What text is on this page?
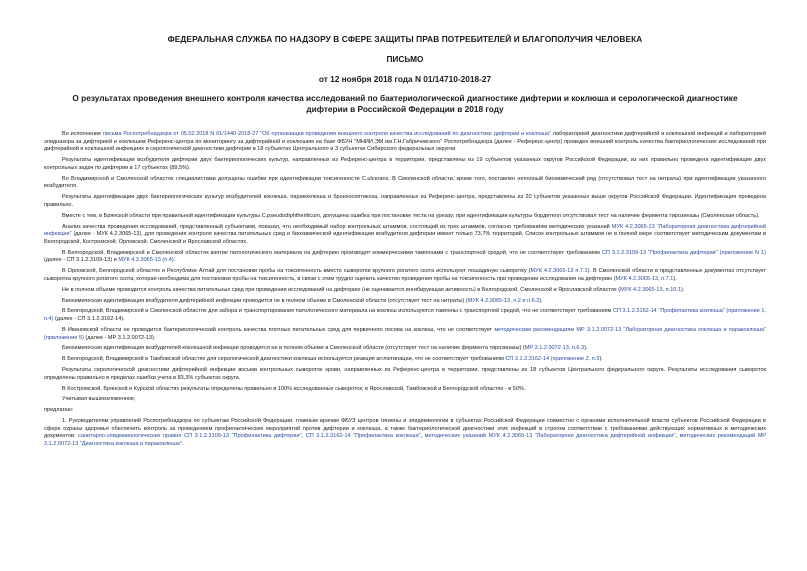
ФЕДЕРАЛЬНАЯ СЛУЖБА ПО НАДЗОРУ В СФЕРЕ ЗАЩИТЫ ПРАВ ПОТРЕБИТЕЛЕЙ И БЛАГОПОЛУЧИЯ ЧЕЛОВЕКА
ПИСЬМО
от 12 ноября 2018 года N 01/14710-2018-27
О результатах проведения внешнего контроля качества исследований по бактериологической диагностике дифтерии и коклюша и серологической диагностике дифтерии в Российской Федерации в 2018 году

Во исполнение письма Роспотребнадзора от 05.02.2018 N 01/1440-2018-27 "Об организации проведения внешнего контроля качества исследований по диагностике дифтерии и коклюша" лабораторией диагностики дифтерийной и коклюшной инфекций и лабораторией эпидназора за дифтерией и коклюшем Референс-центра по мониторингу за дифтерийной и коклюшем на базе ФБУН "МНИИ ЭМ им.Г.Н.Габричевского" Роспотребнадзора (далее - Референс-центр) проведен внешний контроль качества бактериологических исследований при дифтерийной и коклюшной инфекциях и серологической диагностики дифтерии в 18 субъектах Центрального и 3 субъектах Сибирского федеральных округов.

Результаты идентификации возбудителя дифтерии двух бактериологических культур, направленных из Референс-центра в территории, представлены из 19 субъектов указанных округов Российской Федерации, из них правильно проведена идентификация двух контрольных задач по дифтерии в 17 субъектах (89,5%).

Во Владимирской и Смоленской областях специалистами допущены ошибки при идентификации токсигенности C.ulcerans. В Смоленской области, кроме того, поставлен неполный биохимический ряд (отсутствовал тест на нитраты) при идентификации указанного возбудителя.

Результаты идентификации двух бактериологических культур возбудителей коклюша, паракоклюша и бронхосептикоза, направленных из Референс-центра, представлены из 20 субъектов указанных выше округов Российской Федерации. Идентификация проведена правильно.

Вместе с тем, в Брянской области при правильной идентификации культуры C.pseudodiphtheriticum, допущена ошибка при постановке теста на уреазу; при идентификации культуры бордетелл отсутствовал тест на наличие фермента тирозиназы (Смоленская область).

Анализ качества проведения исследований, представленный субъектами, показал, что необходимый набор контрольных штаммов, состоящий из трех штаммов, согласно требованиям методических указаний МУК 4.2.3065-13 "Лабораторная диагностика дифтерийной инфекции" (далее - МУК 4.2.3065-13), для проведения контроля качества питательных сред и биохимической идентификации возбудителя дифтерии имеют только 73,7% территорий. Список контрольных штаммов не в полной мере соответствует методическим документам в Белгородской, Костромской, Орловской, Смоленской и Ярославской областях.

В Белгородской, Владимирской и Смоленской областях взятие патологического материала на дифтерию производят коммерческими тампонами с транспортной средой, что не соответствует требованиям СП 3.1.2.3109-13 "Профилактика дифтерии" (приложение N 1) (далее - СП 3.1.2.3109-13) и МУК 4.2.3065-13 (п.4).

В Орловской, Белгородской областях и Республике Алтай для постановки пробы на токсигенность вместо сыворотки крупного рогатого скота используют лошадиную сыворотку (МУК 4.2.3065-13 п.7.1). В Смоленской области в представленных документах отсутствует сыворотка крупного рогатого скота, которая необходима для постановки пробы на токсигенность, в связи с этим трудно оценить качество проведения пробы на токсигенность при проведении исследования на дифтерию (МУК 4.2.3065-13, п.7.1).

Не в полном объеме проводится контроль качества питательных сред при проведении исследований на дифтерию (не оценивается ингибирующая активность) в Белгородской, Смоленской и Ярославской областях (МУК 4.2.3065-13, п.10.1).

Биохимическая идентификация возбудителя дифтерийной инфекции проводится не в полном объеме в Смоленской области (отсутствует тест на нитраты) (МУК 4.2.3065-13, п.2 и п.6.2).

В Белгородской, Владимирской и Смоленской областях для забора и транспортирования патологического материала на коклюш используются тампоны с транспортной средой, что не соответствует требованиям СП 3.1.2.3162-14 "Профилактика коклюша" (приложение 1, п.4) (далее - СП 3.1.2.3162-14).

В Ивановской области не проводится бактериологический контроль качества плотных питательных сред для первичного посева на коклюш, что не соответствует методическим рекомендациям МР 3.1.2.0072-13 "Лабораторная диагностика коклюша и паракоклюша" (приложение 5) (далее - МР 3.1.2.0072-13).

Биохимическая идентификация возбудителей коклюшной инфекции проводится не в полном объеме в Смоленской области (отсутствует тест на наличие фермента тирозиназы) (МР 3.1.2.0072-13, п.6.3).

В Белгородской, Владимирской и Тамбовской областях для серологической диагностики коклюша используется реакция агглютинации, что не соответствует требованиям СП 3.1.2.3162-14 (приложение 2, п.5).

Результаты серологической диагностики дифтерийной инфекции восьми контрольных сывороток крови, направленных из Референс-центра в территории, представлены из 18 субъектов Центрального федерального округа. Результаты исследования сывороток определены правильно в пределах ошибки учета в 83,3% субъектах округа.

В Костромской, Брянской и Курской областях результаты определены правильно в 100% исследованных сывороток; в Ярославской, Тамбовской и Белгородской областях - в 50%.

Учитывая вышеизложенное,

предлагаю:

1. Руководителям управлений Роспотребнадзора по субъектам Российской Федерации, главным врачам ФБУЗ центров гигиены и эпидемиологии в субъектах Российской Федерации совместно с органами исполнительной власти субъектов Российской Федерации в сфере охраны здоровья обеспечить контроль за проведением профилактических мероприятий против дифтерии и коклюша, а также бактериологической диагностики этих инфекций в строгом соответствии с требованиями действующих нормативных и методических документов: санитарно-эпидемиологических правил СП 3.1.2.3109-13 "Профилактика дифтерии", СП 3.1.2.3162-14 "Профилактика коклюша", методических указаний МУК 4.2.3065-13 "Лабораторная диагностика дифтерийной инфекции", методических рекомендаций МР 3.1.2.0072-13 "Диагностика коклюша и паракоклюша".
